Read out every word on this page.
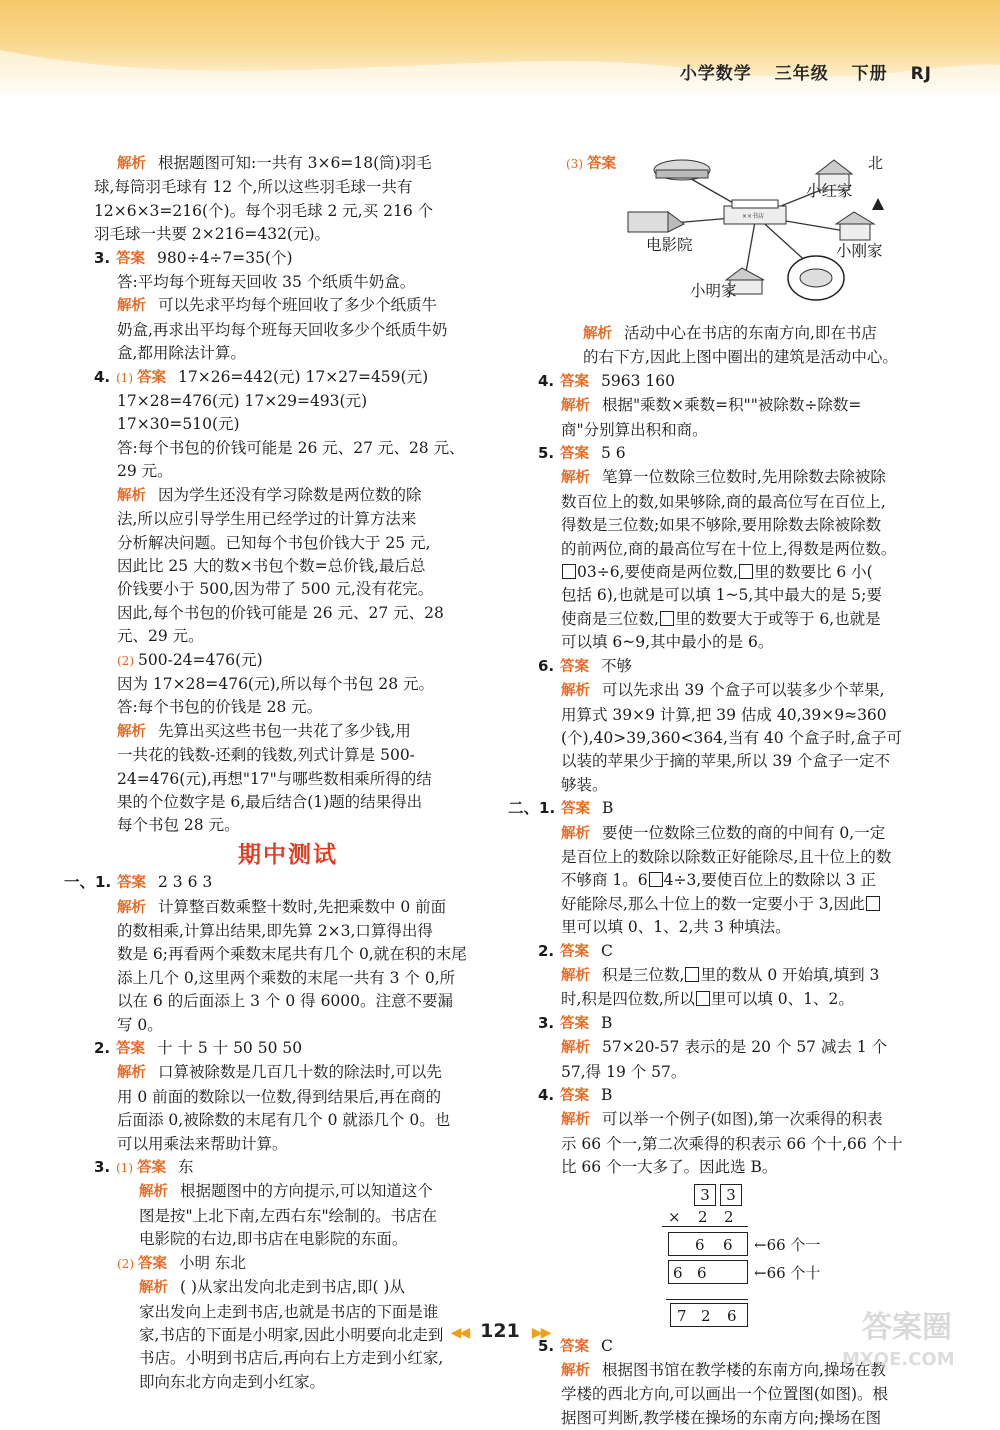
小学数学 三年级 下册 RJ

解析 根据题图可知:一共有 3×6=18(筒)羽毛

球,每筒羽毛球有 12 个,所以这些羽毛球一共有

12×6×3=216(个)。每个羽毛球 2 元,买 216 个

羽毛球一共要 2×216=432(元)。

3. 答案 980÷4÷7=35(个)

答:平均每个班每天回收 35 个纸质牛奶盒。

解析 可以先求平均每个班回收了多少个纸质牛

奶盒,再求出平均每个班每天回收多少个纸质牛奶

盒,都用除法计算。

4. (1) 答案 17×26=442(元) 17×27=459(元)

17×28=476(元) 17×29=493(元)

17×30=510(元)

答:每个书包的价钱可能是 26 元、27 元、28 元、

29 元。

解析 因为学生还没有学习除数是两位数的除

法,所以应引导学生用已经学过的计算方法来

分析解决问题。已知每个书包价钱大于 25 元,

因此比 25 大的数×书包个数=总价钱,最后总

价钱要小于 500,因为带了 500 元,没有花完。

因此,每个书包的价钱可能是 26 元、27 元、28

元、29 元。

(2) 500-24=476(元)

因为 17×28=476(元),所以每个书包 28 元。

答:每个书包的价钱是 28 元。

解析 先算出买这些书包一共花了多少钱,用

一共花的钱数-还剩的钱数,列式计算是 500-

24=476(元),再想"17"与哪些数相乘所得的结

果的个位数字是 6,最后结合(1)题的结果得出

每个书包 28 元。

期中测试

一、1. 答案 2 3 6 3

解析 计算整百数乘整十数时,先把乘数中 0 前面

的数相乘,计算出结果,即先算 2×3,口算得出得

数是 6;再看两个乘数末尾共有几个 0,就在积的末尾

添上几个 0,这里两个乘数的末尾一共有 3 个 0,所

以在 6 的后面添上 3 个 0 得 6000。注意不要漏

写 0。

2. 答案 十 十 5 十 50 50 50

解析 口算被除数是几百几十数的除法时,可以先

用 0 前面的数除以一位数,得到结果后,再在商的

后面添 0,被除数的末尾有几个 0 就添几个 0。也

可以用乘法来帮助计算。

3. (1) 答案 东

解析 根据题图中的方向提示,可以知道这个

图是按"上北下南,左西右东"绘制的。书店在

电影院的右边,即书店在电影院的东面。

(2) 答案 小明 东北

解析 ( )从家出发向北走到书店,即( )从

家出发向上走到书店,也就是书店的下面是谁

家,书店的下面是小明家,因此小明要向北走到

书店。小明到书店后,再向右上方走到小红家,

即向东北方向走到小红家。

(3) 答案

××书店
北
小红家
电影院	小刚家
小明家

解析 活动中心在书店的东南方向,即在书店

的右下方,因此上图中圈出的建筑是活动中心。

4. 答案 5963 160

解析 根据"乘数×乘数=积""被除数÷除数=

商"分别算出积和商。

5. 答案 5 6

解析 笔算一位数除三位数时,先用除数去除被除

数百位上的数,如果够除,商的最高位写在百位上,

得数是三位数;如果不够除,要用除数去除被除数

的前两位,商的最高位写在十位上,得数是两位数。

03÷6,要使商是两位数, 里的数要比 6 小(

包括 6),也就是可以填 1~5,其中最大的是 5;要

使商是三位数, 里的数要大于或等于 6,也就是

可以填 6~9,其中最小的是 6。

6. 答案 不够

解析 可以先求出 39 个盒子可以装多少个苹果,

用算式 39×9 计算,把 39 估成 40,39×9≈360

(个),40>39,360<364,当有 40 个盒子时,盒子可

以装的苹果少于摘的苹果,所以 39 个盒子一定不

够装。

二、1. 答案 B

解析 要使一位数除三位数的商的中间有 0,一定

是百位上的数除以除数正好能除尽,且十位上的数

不够商 1。6 4÷3,要使百位上的数除以 3 正

好能除尽,那么十位上的数一定要小于 3,因此

里可以填 0、1、2,共 3 种填法。

2. 答案 C

解析 积是三位数, 里的数从 0 开始填,填到 3

时,积是四位数,所以 里可以填 0、1、2。

3. 答案 B

解析 57×20-57 表示的是 20 个 57 减去 1 个

57,得 19 个 57。

4. 答案 B

解析 可以举一个例子(如图),第一次乘得的积表

示 66 个一,第二次乘得的积表示 66 个十,66 个十

比 66 个一大多了。因此选 B。

3	3
× 2 2
6 6 ←66 个一
6 6	←66 个十
7 2 6

5. 答案 C

解析 根据图书馆在教学楼的东南方向,操场在教

学楼的西北方向,可以画出一个位置图(如图)。根

据图可判断,教学楼在操场的东南方向;操场在图

◀◀ 121 ▶▶	答案圈
MXQE.COM
